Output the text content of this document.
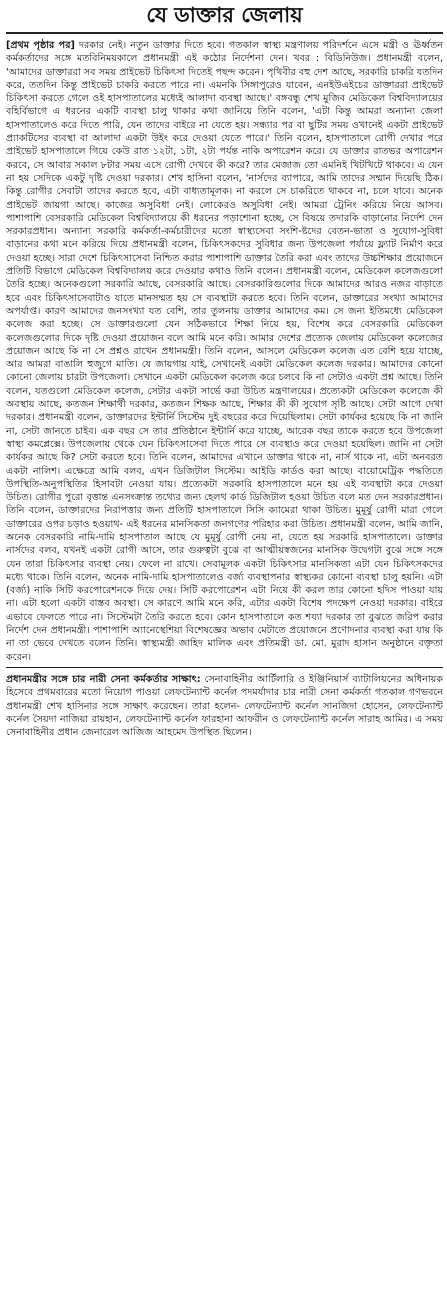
যে ডাক্তার জেলায়

[প্রথম পৃষ্ঠার পর] দরকার নেই। নতুন ডাক্তার দিতে হবে। গতকাল স্বাস্থ্য মন্ত্রণালয় পরিদর্শনে এসে মন্ত্রী ও ঊর্ধ্বতন কর্মকর্তাদের সঙ্গে মতবিনিময়কালে প্রধানমন্ত্রী এই কঠোর নির্দেশনা দেন। খবর : বিডিনিউজ। প্রধানমন্ত্রী বলেন, 'আমাদের ডাক্তাররা সব সময় প্রাইভেট চিকিৎসা দিতেই পছন্দ করেন। পৃথিবীর বহু দেশ আছে, সরকারি চাকরি যতদিন করে, ততদিন কিন্তু প্রাইভেট চাকরি করতে পারে না। এমনকি সিঙ্গাপুরেও যাবেন, এনইউএইচের ডাক্তাররা প্রাইভেট চিকিৎসা করতে গেলে ওই হাসপাতালের মধ্যেই আলাদা ব্যবস্থা আছে।' বঙ্গবন্ধু শেখ মুজিব মেডিকেল বিশ্ববিদ্যালয়ের বহির্বিভাগে এ ধরনের একটি ব্যবস্থা চালু থাকার কথা জানিয়ে তিনি বলেন, 'এটা কিন্তু আমরা অন্যান্য জেলা হাসপাতালেও করে দিতে পারি, যেন তাদের বাইরে না যেতে হয়। সন্ধ্যার পর বা ছুটির সময় ওখানেই একটা প্রাইভেট প্র্যাকটিসের ব্যবস্থা বা আলাদা একটা উইং করে দেওয়া যেতে পারে।' তিনি বলেন, হাসপাতালে রোগী দেখার পরে প্রাইভেট হাসপাতালে গিয়ে কেউ রাত ১২টা, ১টা, ২টা পর্যন্ত নাকি অপারেশন করে। যে ডাক্তার রাতভর অপারেশন করবে, সে আবার সকাল ৮টার সময় এসে রোগী দেখবে কী করে? তার মেজাজ তো এমনিই খিটখিটে থাকবে। এ যেন না হয় সেদিকে একটু দৃষ্টি দেওয়া দরকার। শেখ হাসিনা বলেন, 'নার্সদের ব্যাপারে, আমি তাদের সম্মান দিয়েছি ঠিক। কিন্তু রোগীর সেবাটা তাদের করতে হবে, এটা বাধ্যতামূলক। না করলে সে চাকরিতে থাকবে না, চলে যাবে। অনেক প্রাইভেট জায়গা আছে। কাজের অসুবিধা নেই। লোকেরও অসুবিধা নেই। আমরা ট্রেনিং করিয়ে নিয়ে আসব। পাশাপাশি বেসরকারি মেডিকেল বিশ্ববিদ্যালয়ে কী ধরনের পড়াশোনা হচ্ছে, সে বিষয়ে তদারকি বাড়ানোর নির্দেশ দেন সরকারপ্রধান। অন্যান্য সরকারি কর্মকর্তা-কর্মচারীদের মতো স্বাস্থ্যসেবা সংশি-ষ্টদের বেতন-ভাতা ও সুযোগ-সুবিধা বাড়ানের কথা মনে করিয়ে দিয়ে প্রধানমন্ত্রী বলেন, চিকিৎসকদের সুবিধার জন্য উপজেলা পর্যায়ে ফ্ল্যাট নির্মাণ করে দেওয়া হচ্ছে। সারা দেশে চিকিৎসাসেবা নিশ্চিত করার পাশাপাশি ডাক্তার তৈরি করা এবং তাদের উচ্চশিক্ষার প্রয়োজনে প্রতিটি বিভাগে মেডিকেল বিশ্ববিদ্যালয় করে দেওয়ার কথাও তিনি বলেন। প্রধানমন্ত্রী বলেন, মেডিকেল কলেজগুলো তৈরি হচ্ছে। অনেকগুলো সরকারি আছে, বেসরকারি আছে। বেসরকারিগুলোর দিকে আমাদের আরও নজর বাড়াতে হবে এবং চিকিৎসাসেবাটাও যাতে মানসম্মত হয় সে ব্যবস্থাটা করতে হবে। তিনি বলেন, ডাক্তারের সংখ্যা আমাদের অপর্যাপ্ত। কারণ আমাদের জনসংখ্যা যত বেশি, তার তুলনায় ডাক্তার আমাদের কম। সে জন্য ইতিমধ্যে মেডিকেল কলেজ করা হচ্ছে। সে ডাক্তারগুলো যেন সঠিকভাবে শিক্ষা নিয়ে হয়, বিশেষ করে বেসরকারি মেডিকেল কলেজগুলোর দিকে দৃষ্টি দেওয়া প্রয়োজন বলে আমি মনে করি। আমার দেশের প্রত্যেক জেলায় মেডিকেল কলেজের প্রয়োজন আছে কি না সে প্রশ্নও রাখেন প্রধানমন্ত্রী। তিনি বলেন, আসলে মেডিকেল কলেজ এত বেশি হয়ে যাচ্ছে, আর আমরা বাঙালি হুজুগে মাতি। যে জায়গায় যাই, সেখানেই একটা মেডিকেল কলেজ দরকার। আমাদের কোনো কোনো জেলায় চারটা উপজেলা। সেখানে একটা মেডিকেল কলেজ করে চলবে কি না সেটাও একটা প্রশ্ন আছে। তিনি বলেন, যতগুলো মেডিকেল কলেজ, সেটার একটা সার্ভে করা উচিত মন্ত্রণালয়ের। প্রত্যেকটা মেডিকেল কলেজে কী অবস্থায় আছে, কতজন শিক্ষার্থী দরকার, কতজন শিক্ষক আছে, শিক্ষার কী কী সুযোগ সৃষ্টি আছে। সেটা আগে দেখা দরকার। প্রধানমন্ত্রী বলেন, ডাক্তারদের ইন্টার্নি সিস্টেম দুই বছরের করে দিয়েছিলাম। সেটা কার্যকর হয়েছে কি না জানি না, সেটা জানতে চাইব। এক বছর সে তার প্রতিষ্ঠানে ইন্টার্নি করে যাচ্ছে, আরেক বছর তাকে করতে হবে উপজেলা স্বাস্থ্য কমপ্লেক্সে। উপজেলায় থেকে যেন চিকিৎসাসেবা দিতে পারে সে ব্যবস্থাও করে দেওয়া হয়েছিল। জানি না সেটা কার্যকর আছে কি? সেটা করতে হবে। তিনি বলেন, আমাদের এখানে ডাক্তার থাকে না, নার্স থাকে না, এটা অনবরত একটা নালিশ। এক্ষেত্রে আমি বলব, এখন ডিজিটাল সিস্টেম। আইডি কার্ডও করা আছে। বায়োমেট্রিক পদ্ধতিতে উপস্থিতি-অনুপস্থিতির হিসাবটা নেওয়া যায়। প্রত্যেকটা সরকারি হাসপাতালে মনে হয় এই ব্যবস্থাটা করে দেওয়া উচিত। রোগীর পুরো বৃত্তান্ত এনসংক্রান্ত তথ্যের জন্য হেলথ কার্ড ডিজিটাল হওয়া উচিত বলে মত দেন সরকারপ্রধান। তিনি বলেন, ডাক্তারদের নিরাপত্তার জন্য প্রতিটি হাসপাতালে সিসি ক্যামেরা থাকা উচিত। মুমূর্ষু রোগী মারা গেলে ডাক্তারের ওপর চড়াও হওয়াথ- এই ধরনের মানসিকতা জনগণের পরিহার করা উচিত। প্রধানমন্ত্রী বলেন, আমি জানি, অনেক বেসরকারি নামি-দামি হাসপাতাল আছে যে মুমূর্ষু রোগী নেয় না, যেতে হয় সরকারি হাসপাতালে। ডাক্তার নার্সদের বলব, যখনই একটা রোগী আসে, তার গুরুত্বটা বুঝে বা আত্মীয়স্বজনের মানসিক উদ্বেগটা বুঝে সঙ্গে সঙ্গে যেন তারা চিকিৎসার ব্যবস্থা নেয়। ফেলে না রাখে। সেবামূলক একটা চিকিৎসার মানসিকতা এটা যেন চিকিৎসকদের মধ্যে থাকে। তিনি বলেন, অনেক নামি-দামি হাসপাতালেও বর্জ্য ব্যবস্থাপনার স্বাস্থ্যকর কোনো ব্যবস্থা চালু হয়নি। এটা (বর্জ্য) নাকি সিটি করপোরেশনকে দিয়ে দেয়। সিটি করপোরেশন এটা নিয়ে কী করল তার কোনো হদিস পাওয়া যায় না। এটা হলো একটা বাস্তব অবস্থা। সে কারণে আমি মনে করি, এটার একটা বিশেষ পদক্ষেপ নেওয়া দরকার। বাইরে এভাবে ফেলতে পারে না। সিস্টেমটা তৈরি করতে হবে। কোন হাসপাতালে কত শয্যা দরকার তা বুঝতে জরিপ করার নির্দেশ দেন প্রধানমন্ত্রী। পাশাপাশি অ্যানেস্থেশিয়া বিশেষজ্ঞের অভাব মেটাতে প্রয়োজনে প্রণোদনার ব্যবস্থা করা যায় কি না তা ভেবে দেখতে বলেন তিনি। স্বাস্থ্যমন্ত্রী জাহিদ মালিক এবং প্রতিমন্ত্রী ডা. মো. মুরাদ হাসান অনুষ্ঠানে বক্তৃতা করেন।

প্রধানমন্ত্রীর সঙ্গে চার নারী সেনা কর্মকর্তার সাক্ষাৎ: সেনাবাহিনীর আর্টিলারি ও ইঞ্জিনিয়ার্স ব্যাটালিয়নের অধিনায়ক হিসেবে প্রথমবারের মতো নিয়োগ পাওয়া লেফটেন্যান্ট কর্নেল পদমর্যাদার চার নারী সেনা কর্মকর্তা গতকাল গণভবনে প্রধানমন্ত্রী শেখ হাসিনার সঙ্গে সাক্ষাৎ করেছেন। তারা হলেন- লেফটেন্যান্ট কর্নেল সানজিদা হোসেন, লেফটেন্যান্ট কর্নেল সৈয়দা নাজিয়া রায়হান, লেফটেন্যান্ট কর্নেল ফারহানা আফরীন ও লেফটেন্যান্ট কর্নেল সারাহ আমির। এ সময় সেনাবাহিনীর প্রধান জেনারেল আজিজ আহমেদ উপস্থিত ছিলেন।
